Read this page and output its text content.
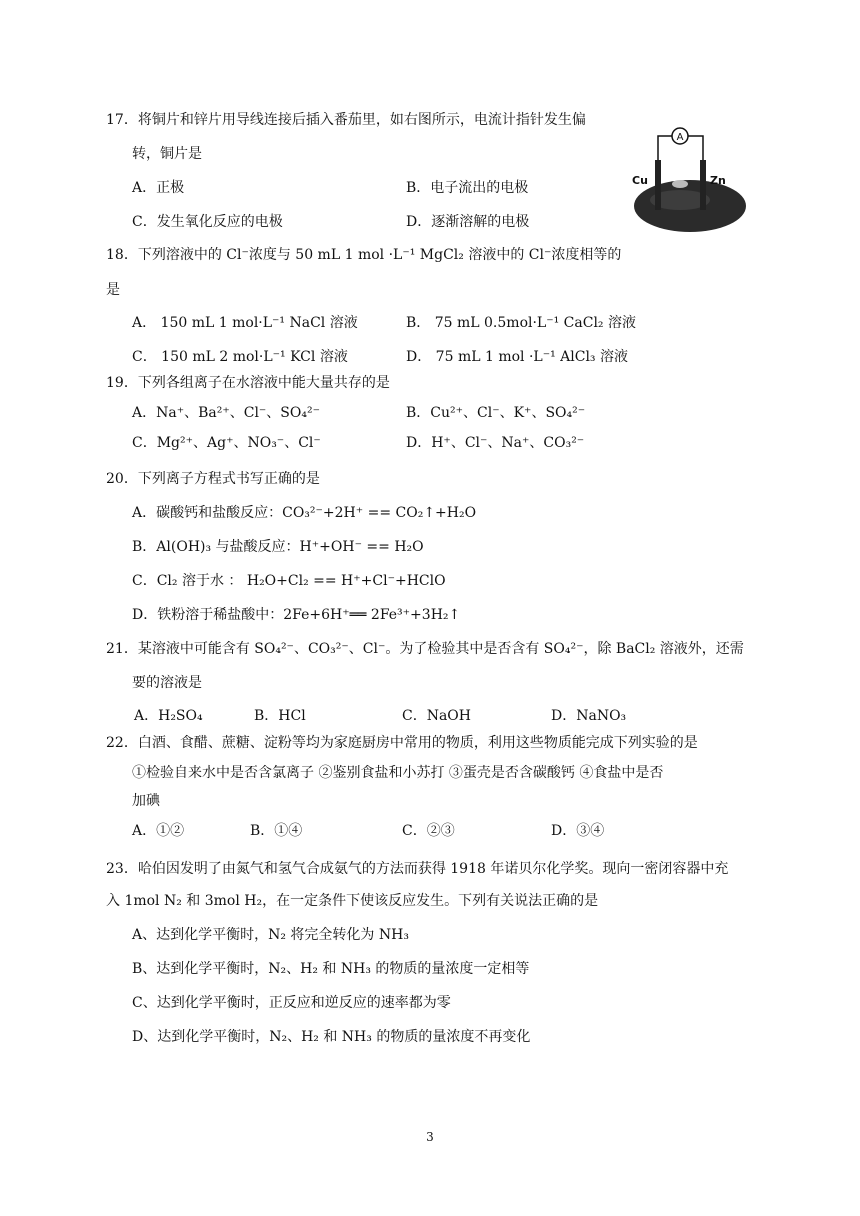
17．将铜片和锌片用导线连接后插入番茄里，如右图所示，电流计指针发生偏
转，铜片是
A．正极	B．电子流出的电极
C．发生氧化反应的电极	D．逐渐溶解的电极
A
Cu	Zn
18．下列溶液中的 Cl⁻浓度与 50 mL 1 mol ·L⁻¹ MgCl₂ 溶液中的 Cl⁻浓度相等的
是
A． 150 mL 1 mol·L⁻¹ NaCl 溶液	B． 75 mL 0.5mol·L⁻¹ CaCl₂ 溶液
C． 150 mL 2 mol·L⁻¹ KCl 溶液	D． 75 mL 1 mol ·L⁻¹ AlCl₃ 溶液
19．下列各组离子在水溶液中能大量共存的是
A．Na⁺、Ba²⁺、Cl⁻、SO₄²⁻	B．Cu²⁺、Cl⁻、K⁺、SO₄²⁻
C．Mg²⁺、Ag⁺、NO₃⁻、Cl⁻	D．H⁺、Cl⁻、Na⁺、CO₃²⁻
20．下列离子方程式书写正确的是
A．碳酸钙和盐酸反应：CO₃²⁻+2H⁺ == CO₂↑+H₂O
B．Al(OH)₃ 与盐酸反应：H⁺+OH⁻ == H₂O
C．Cl₂ 溶于水 ： H₂O+Cl₂ == H⁺+Cl⁻+HClO
D．铁粉溶于稀盐酸中：2Fe+6H⁺══ 2Fe³⁺+3H₂↑
21．某溶液中可能含有 SO₄²⁻、CO₃²⁻、Cl⁻。为了检验其中是否含有 SO₄²⁻，除 BaCl₂ 溶液外，还需
要的溶液是
A．H₂SO₄	B．HCl	C．NaOH	D．NaNO₃
22．白酒、食醋、蔗糖、淀粉等均为家庭厨房中常用的物质，利用这些物质能完成下列实验的是
①检验自来水中是否含氯离子 ②鉴别食盐和小苏打 ③蛋壳是否含碳酸钙 ④食盐中是否
加碘
A．①②	B．①④	C．②③	D．③④
23．哈伯因发明了由氮气和氢气合成氨气的方法而获得 1918 年诺贝尔化学奖。现向一密闭容器中充
入 1mol N₂ 和 3mol H₂，在一定条件下使该反应发生。下列有关说法正确的是
A、达到化学平衡时，N₂ 将完全转化为 NH₃
B、达到化学平衡时，N₂、H₂ 和 NH₃ 的物质的量浓度一定相等
C、达到化学平衡时，正反应和逆反应的速率都为零
D、达到化学平衡时，N₂、H₂ 和 NH₃ 的物质的量浓度不再变化
3
